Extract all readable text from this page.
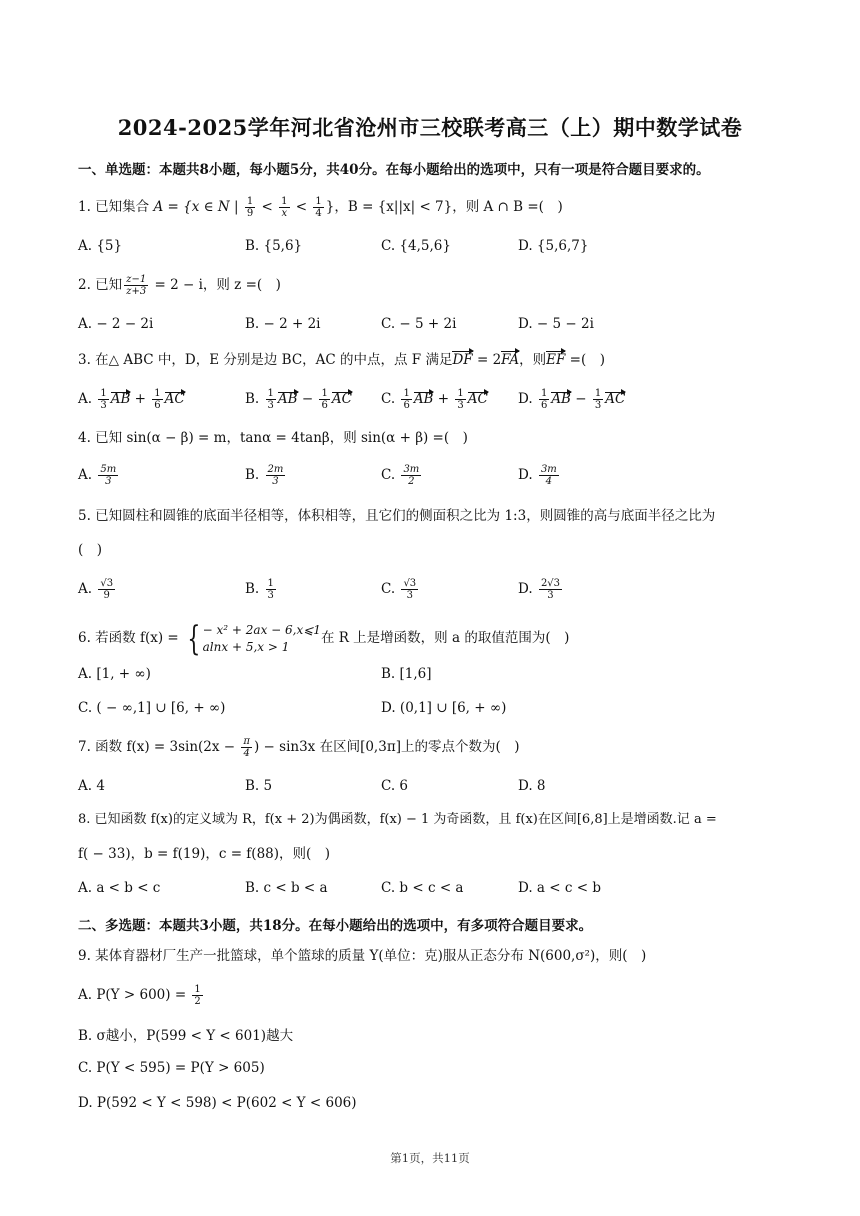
2024-2025学年河北省沧州市三校联考高三（上）期中数学试卷
一、单选题：本题共8小题，每小题5分，共40分。在每小题给出的选项中，只有一项是符合题目要求的。
1. 已知集合 A = {x ∈ N | $\frac{1}{9} < \frac{1}{x} < \frac{1}{4}$ }，B = {x||x| < 7}，则 A ∩ B =(　)
A. {5}	B. {5,6}	C. {4,5,6}	D. {5,6,7}
2. 已知 $\frac{z-1}{z+3} = 2 - i$，则 z =(　)
A. − 2 − 2i	B. − 2 + 2i	C. − 5 + 2i	D. − 5 − 2i
3. 在△ ABC 中，D，E 分别是边 BC，AC 的中点，点 F 满足DF = 2FA，则EF =(　)
A. $\frac{1}{3}$ AB + $\frac{1}{6}$ AC	B. $\frac{1}{3}$ AB − $\frac{1}{6}$ AC C. $\frac{1}{6}$ AB + $\frac{1}{3}$ AC D. $\frac{1}{6}$ AB − $\frac{1}{3}$ AC
4. 已知 sin(α − β) = m，tanα = 4tanβ，则 sin(α + β) =(　)
A. $\frac{5m}{3}$	B. $\frac{2m}{3}$	C. $\frac{3m}{2}$	D. $\frac{3m}{4}$
5. 已知圆柱和圆锥的底面半径相等，体积相等，且它们的侧面积之比为 1:3，则圆锥的高与底面半径之比为
(　)
A. $\frac{√3}{9}$	B. $\frac{1}{3}$	C. $\frac{√3}{3}$	D. $\frac{2√3}{3}$
6. 若函数 f(x) = { − x² + 2ax − 6,x⩽1
alnx + 5,x > 1
在 R 上是增函数，则 a 的取值范围为(　)
A. [1, + ∞)	B. [1,6]
C. ( − ∞,1] ∪ [6, + ∞)	D. (0,1] ∪ [6, + ∞)
7. 函数 $f(x) = 3\sin(2x - \frac{\pi}{4}$ ) − sin3x 在区间[0,3π]上的零点个数为(　)
A. 4	B. 5	C. 6	D. 8
8. 已知函数 f(x)的定义域为 R，f(x + 2)为偶函数，f(x) − 1 为奇函数，且 f(x)在区间[6,8]上是增函数.记 a =
f( − 33)，b = f(19)，c = f(88)，则(　)
A. a < b < c	B. c < b < a	C. b < c < a	D. a < c < b
二、多选题：本题共3小题，共18分。在每小题给出的选项中，有多项符合题目要求。
9. 某体育器材厂生产一批篮球，单个篮球的质量 Y(单位：克)服从正态分布 N(600,σ²)，则(　)
A. $P(Y > 600) = \frac{1}{2}$
B. σ越小，P(599 < Y < 601)越大
C. P(Y < 595) = P(Y > 605)
D. P(592 < Y < 598) < P(602 < Y < 606)
第1页，共11页
